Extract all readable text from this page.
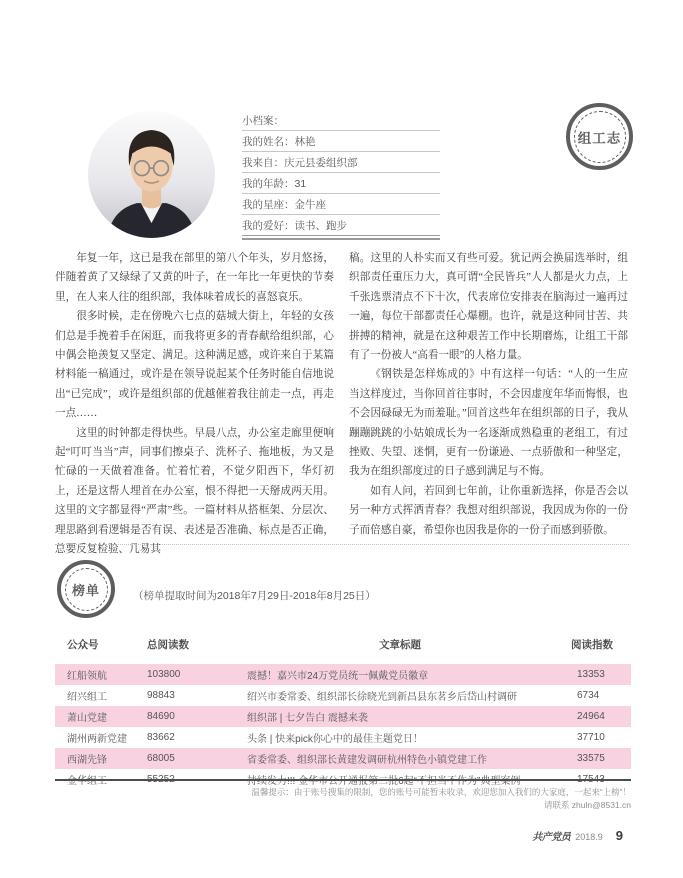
小档案：
我的姓名：林艳
我来自：庆元县委组织部
我的年龄：31
我的星座：金牛座
我的爱好：读书、跑步
组工志

年复一年，这已是我在部里的第八个年头，岁月悠扬，伴随着黄了又绿绿了又黄的叶子，在一年比一年更快的节奏里，在人来人往的组织部，我体味着成长的喜怒哀乐。

很多时候，走在傍晚六七点的菇城大街上，年轻的女孩们总是手挽着手在闲逛，而我将更多的青春献给组织部，心中偶会艳羡复又坚定、满足。这种满足感，或许来自于某篇材料能一稿通过，或许是在领导说起某个任务时能自信地说出“已完成”，或许是组织部的优越催着我往前走一点，再走一点……

这里的时钟都走得快些。早晨八点，办公室走廊里便响起“叮叮当当”声，同事们擦桌子、洗杯子、拖地板，为又是忙碌的一天做着准备。忙着忙着，不觉夕阳西下，华灯初上，还是这帮人埋首在办公室，恨不得把一天掰成两天用。这里的文字都显得“严肃”些。一篇材料从搭框架、分层次、理思路到看逻辑是否有误、表述是否准确、标点是否正确，总要反复检验、几易其

稿。这里的人朴实而又有些可爱。犹记两会换届选举时，组织部责任重压力大，真可谓“全民皆兵”人人都是火力点，上千张选票清点不下十次，代表席位安排表在脑海过一遍再过一遍，每位干部都责任心爆棚。也许，就是这种同甘苦、共拼搏的精神，就是在这种艰苦工作中长期磨炼，让组工干部有了一份被人“高看一眼”的人格力量。

《钢铁是怎样炼成的》中有这样一句话：“人的一生应当这样度过，当你回首往事时，不会因虚度年华而悔恨，也不会因碌碌无为而羞耻。”回首这些年在组织部的日子，我从蹦蹦跳跳的小姑娘成长为一名逐渐成熟稳重的老组工，有过挫败、失望、迷惘，更有一份谦逊、一点骄傲和一种坚定，我为在组织部度过的日子感到满足与不悔。

如有人问，若回到七年前，让你重新选择，你是否会以另一种方式挥洒青春？我想对组织部说，我因成为你的一份子而倍感自豪，希望你也因我是你的一份子而感到骄傲。

榜单	（榜单提取时间为2018年7月29日-2018年8月25日）
公众号	总阅读数	文章标题	阅读指数
红船领航	103800	震撼！嘉兴市24万党员统一佩戴党员徽章	13353
绍兴组工	98843	绍兴市委常委、组织部长徐晓光到新昌县东茗乡后岱山村调研	6734
萧山党建	84690	组织部 | 七夕告白 震撼来袭	24964
湖州两新党建	83662	头条 | 快来pick你心中的最佳主题党日！	37710
西湖先锋	68005	省委常委、组织部长黄建发调研杭州特色小镇党建工作	33575
金华组工	55252	持续发力!!! 金华市公开通报第二批6起“不担当不作为”典型案例	17543
温馨提示：由于账号搜集的限制，您的账号可能暂未收录，欢迎您加入我们的大家庭，一起来“上榜”！
请联系 zhuln@8531.cn
共产党员 2018.9 9
